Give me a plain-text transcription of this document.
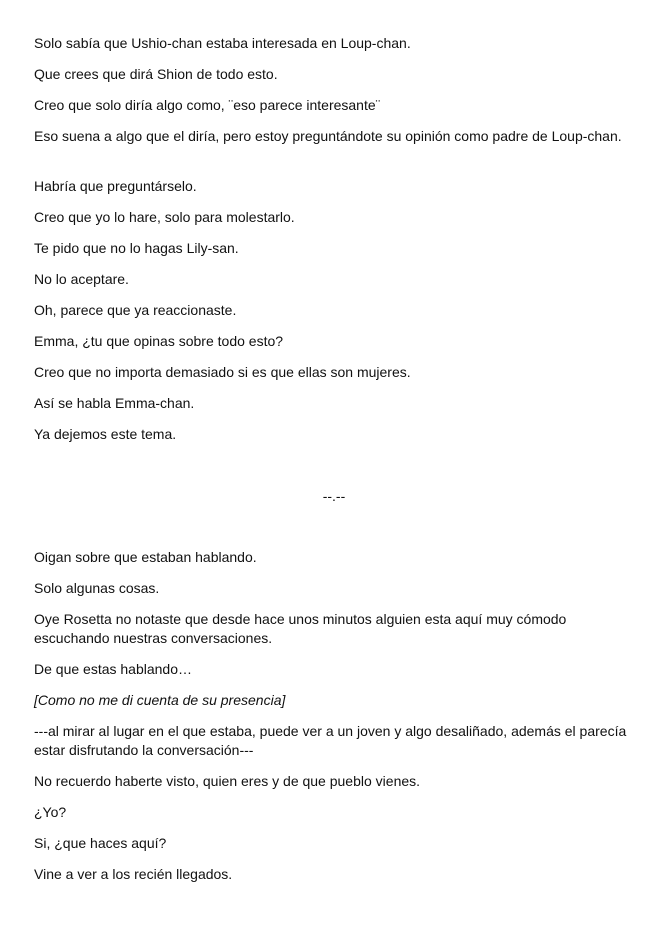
Solo sabía que Ushio-chan estaba interesada en Loup-chan.

Que crees que dirá Shion de todo esto.

Creo que solo diría algo como, ¨eso parece interesante¨

Eso suena a algo que el diría, pero estoy preguntándote su opinión como padre de Loup-chan.

Habría que preguntárselo.

Creo que yo lo hare, solo para molestarlo.

Te pido que no lo hagas Lily-san.

No lo aceptare.

Oh, parece que ya reaccionaste.

Emma, ¿tu que opinas sobre todo esto?

Creo que no importa demasiado si es que ellas son mujeres.

Así se habla Emma-chan.

Ya dejemos este tema.

--.--

Oigan sobre que estaban hablando.

Solo algunas cosas.

Oye Rosetta no notaste que desde hace unos minutos alguien esta aquí muy cómodo escuchando nuestras conversaciones.

De que estas hablando…

[Como no me di cuenta de su presencia]

---al mirar al lugar en el que estaba, puede ver a un joven y algo desaliñado, además el parecía estar disfrutando la conversación---

No recuerdo haberte visto, quien eres y de que pueblo vienes.

¿Yo?

Si, ¿que haces aquí?

Vine a ver a los recién llegados.
